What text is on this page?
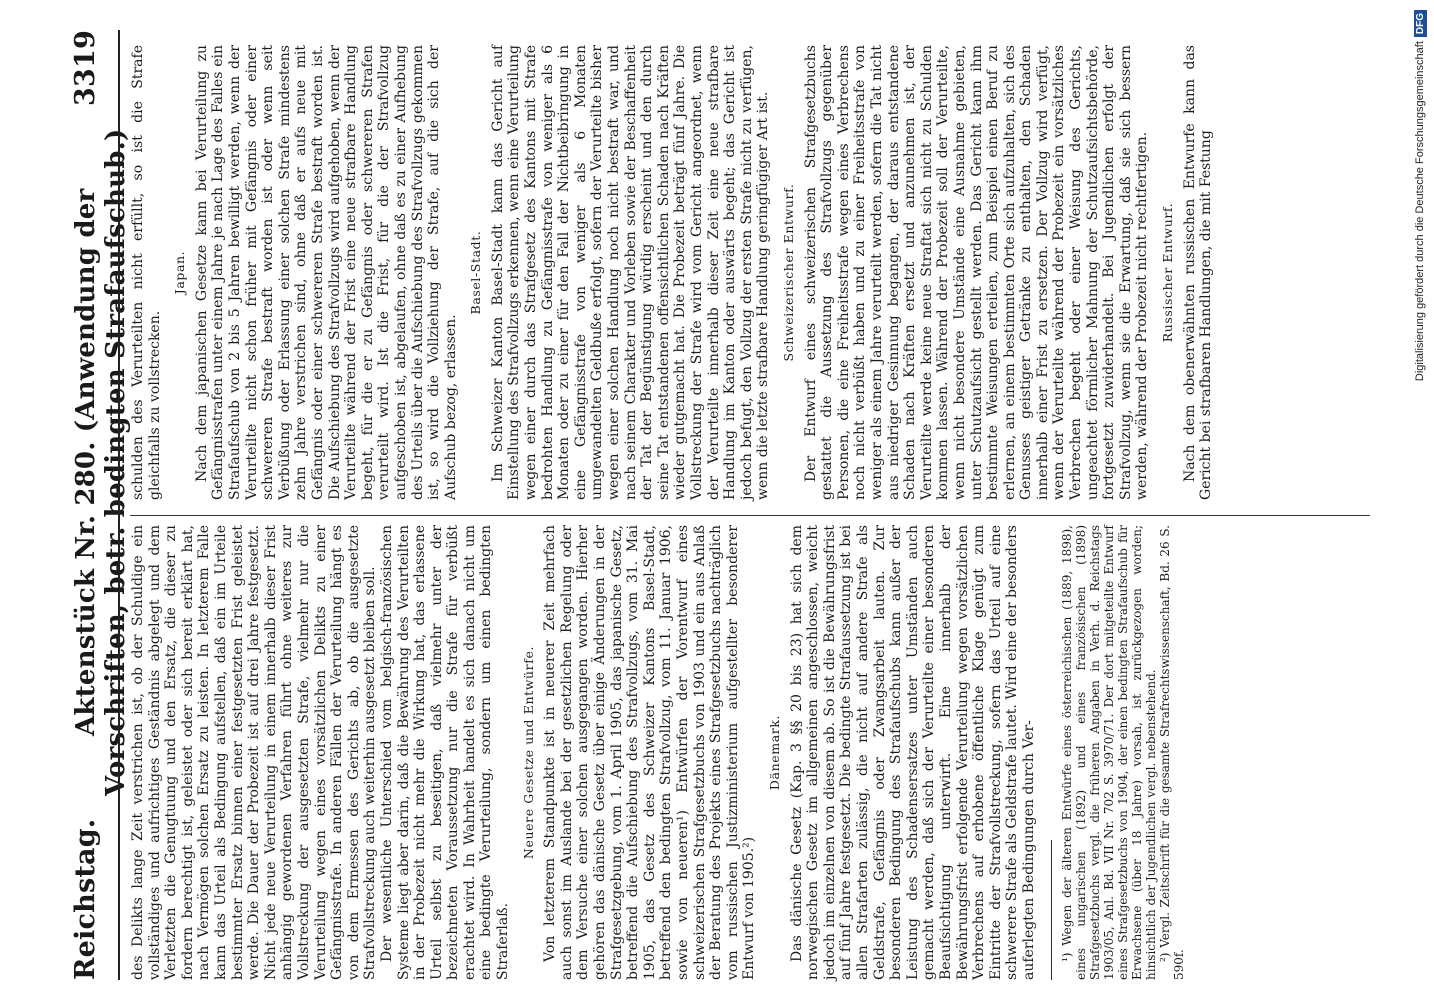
Reichstag.
Aktenstück Nr. 280. (Anwendung der Vorschriften, betr. bedingten Strafaufschub.)
3319

des Delikts lange Zeit verstrichen ist, ob der Schuldige ein vollständiges und aufrichtiges Geständnis abgelegt und dem Verletzten die Genugtuung und den Ersatz, die dieser zu fordern berechtigt ist, geleistet oder sich bereit erklärt hat, nach Vermögen solchen Ersatz zu leisten. In letzterem Falle kann das Urteil als Bedingung aufstellen, daß ein im Urteile bestimmter Ersatz binnen einer festgesetzten Frist geleistet werde. Die Dauer der Probezeit ist auf drei Jahre festgesetzt. Nicht jede neue Verurteilung in einem innerhalb dieser Frist anhängig gewordenen Verfahren führt ohne weiteres zur Vollstreckung der ausgesetzten Strafe, vielmehr nur die Verurteilung wegen eines vorsätzlichen Delikts zu einer Gefängnisstrafe. In anderen Fällen der Verurteilung hängt es von dem Ermessen des Gerichts ab, ob die ausgesetzte Strafvollstreckung auch weiterhin ausgesetzt bleiben soll. Der wesentliche Unterschied vom belgisch-französischen Systeme liegt aber darin, daß die Bewährung des Verurteilten in der Probezeit nicht mehr die Wirkung hat, das erlassene Urteil selbst zu beseitigen, daß vielmehr unter der bezeichneten Voraussetzung nur die Strafe für verbüßt erachtet wird. In Wahrheit handelt es sich danach nicht um eine bedingte Verurteilung, sondern um einen bedingten Straferlaß.

Neuere Gesetze und Entwürfe. Von letzterem Standpunkte ist in neuerer Zeit mehrfach auch sonst im Auslande bei der gesetzlichen Regelung oder dem Versuche einer solchen ausgegangen worden. Hierher gehören das dänische Gesetz über einige Änderungen in der Strafgesetzgebung, vom 1. April 1905, das japanische Gesetz, betreffend die Aufschiebung des Strafvollzugs, vom 31. Mai 1905, das Gesetz des Schweizer Kantons Basel-Stadt, betreffend den bedingten Strafvollzug, vom 11. Januar 1906, sowie von neueren¹) Entwürfen der Vorentwurf eines schweizerischen Strafgesetzbuchs von 1903 und ein aus Anlaß der Beratung des Projekts eines Strafgesetzbuchs nachträglich vom russischen Justizministerium aufgestellter besonderer Entwurf von 1905.²)

Dänemark. Das dänische Gesetz (Kap. 3 §§ 20 bis 23) hat sich dem norwegischen Gesetz im allgemeinen angeschlossen, weicht jedoch im einzelnen von diesem ab. So ist die Bewährungsfrist auf fünf Jahre festgesetzt. Die bedingte Strafaussetzung ist bei allen Strafarten zulässig, die nicht auf andere Strafe als Geldstrafe, Gefängnis oder Zwangsarbeit lauten. Zur besonderen Bedingung des Strafaufschubs kann außer der Leistung des Schadensersatzes unter Umständen auch gemacht werden, daß sich der Verurteilte einer besonderen Beaufsichtigung unterwirft. Eine innerhalb der Bewährungsfrist erfolgende Verurteilung wegen vorsätzlichen Verbrechens auf erhobene öffentliche Klage genügt zum Eintritte der Strafvollstreckung, sofern das Urteil auf eine schwerere Strafe als Geldstrafe lautet. Wird eine der besonders auferlegten Bedingungen durch Ver- ¹) Wegen der älteren Entwürfe eines österreichischen (1889, 1898), eines ungarischen (1892) und eines französischen (1898) Strafgesetzbuchs vergl. die früheren Angaben in Verh. d. Reichstags 1903/05, Anl. Bd. VII Nr. 702 S. 3970/71. Der dort mitgeteilte Entwurf eines Strafgesetzbuchs von 1904, der einen bedingten Strafaufschub für Erwachsene (über 18 Jahre) vorsah, ist zurückgezogen worden; hinsichtlich der Jugendlichen vergl. nebenstehend. ²) Vergl. Zeitschrift für die gesamte Strafrechtswissenschaft, Bd. 26 S. 590f.

schulden des Verurteilten nicht erfüllt, so ist die Strafe gleichfalls zu vollstrecken.

Japan. Nach dem japanischen Gesetze kann bei Verurteilung zu Gefängnisstrafen unter einem Jahre je nach Lage des Falles ein Strafaufschub von 2 bis 5 Jahren bewilligt werden, wenn der Verurteilte nicht schon früher mit Gefängnis oder einer schwereren Strafe bestraft worden ist oder wenn seit Verbüßung oder Erlassung einer solchen Strafe mindestens zehn Jahre verstrichen sind, ohne daß er aufs neue mit Gefängnis oder einer schwereren Strafe bestraft worden ist. Die Aufschiebung des Strafvollzugs wird aufgehoben, wenn der Verurteilte während der Frist eine neue strafbare Handlung begeht, für die er zu Gefängnis oder schwereren Strafen verurteilt wird. Ist die Frist, für die der Strafvollzug aufgeschoben ist, abgelaufen, ohne daß es zu einer Aufhebung des Urteils über die Aufschiebung des Strafvollzugs gekommen ist, so wird die Vollziehung der Strafe, auf die sich der Aufschub bezog, erlassen.

Basel-Stadt. Im Schweizer Kanton Basel-Stadt kann das Gericht auf Einstellung des Strafvollzugs erkennen, wenn eine Verurteilung wegen einer durch das Strafgesetz des Kantons mit Strafe bedrohten Handlung zu Gefängnisstrafe von weniger als 6 Monaten oder zu einer für den Fall der Nichtbeibringung in eine Gefängnisstrafe von weniger als 6 Monaten umgewandelten Geldbuße erfolgt, sofern der Verurteilte bisher wegen einer solchen Handlung noch nicht bestraft war, und nach seinem Charakter und Vorleben sowie der Beschaffenheit der Tat der Begünstigung würdig erscheint und den durch seine Tat entstandenen offensichtlichen Schaden nach Kräften wieder gutgemacht hat. Die Probezeit beträgt fünf Jahre. Die Vollstreckung der Strafe wird vom Gericht angeordnet, wenn der Verurteilte innerhalb dieser Zeit eine neue strafbare Handlung im Kanton oder auswärts begeht; das Gericht ist jedoch befugt, den Vollzug der ersten Strafe nicht zu verfügen, wenn die letzte strafbare Handlung geringfügiger Art ist. Schweizerischer Entwurf. Der Entwurf eines schweizerischen Strafgesetzbuchs gestattet die Aussetzung des Strafvollzugs gegenüber Personen, die eine Freiheitsstrafe wegen eines Verbrechens noch nicht verbüßt haben und zu einer Freiheitsstrafe von weniger als einem Jahre verurteilt werden, sofern die Tat nicht aus niedriger Gesinnung begangen, der daraus entstandene Schaden nach Kräften ersetzt und anzunehmen ist, der Verurteilte werde keine neue Straftat sich nicht zu Schulden kommen lassen. Während der Probezeit soll der Verurteilte, wenn nicht besondere Umstände eine Ausnahme gebieten, unter Schutzaufsicht gestellt werden. Das Gericht kann ihm bestimmte Weisungen erteilen, zum Beispiel einen Beruf zu erlernen, an einem bestimmten Orte sich aufzuhalten, sich des Genusses geistiger Getränke zu enthalten, den Schaden innerhalb einer Frist zu ersetzen. Der Vollzug wird verfügt, wenn der Verurteilte während der Probezeit ein vorsätzliches Verbrechen begeht oder einer Weisung des Gerichts, ungeachtet förmlicher Mahnung der Schutzaufsichtsbehörde, fortgesetzt zuwiderhandelt. Bei Jugendlichen erfolgt der Strafvollzug, wenn sie die Erwartung, daß sie sich bessern werden, während der Probezeit nicht rechtfertigen. Russischer Entwurf. Nach dem obenerwähnten russischen Entwurfe kann das Gericht bei strafbaren Handlungen, die mit Festung	Digitalisierung gefördert durch die Deutsche Forschungsgemeinschaft
DFG
